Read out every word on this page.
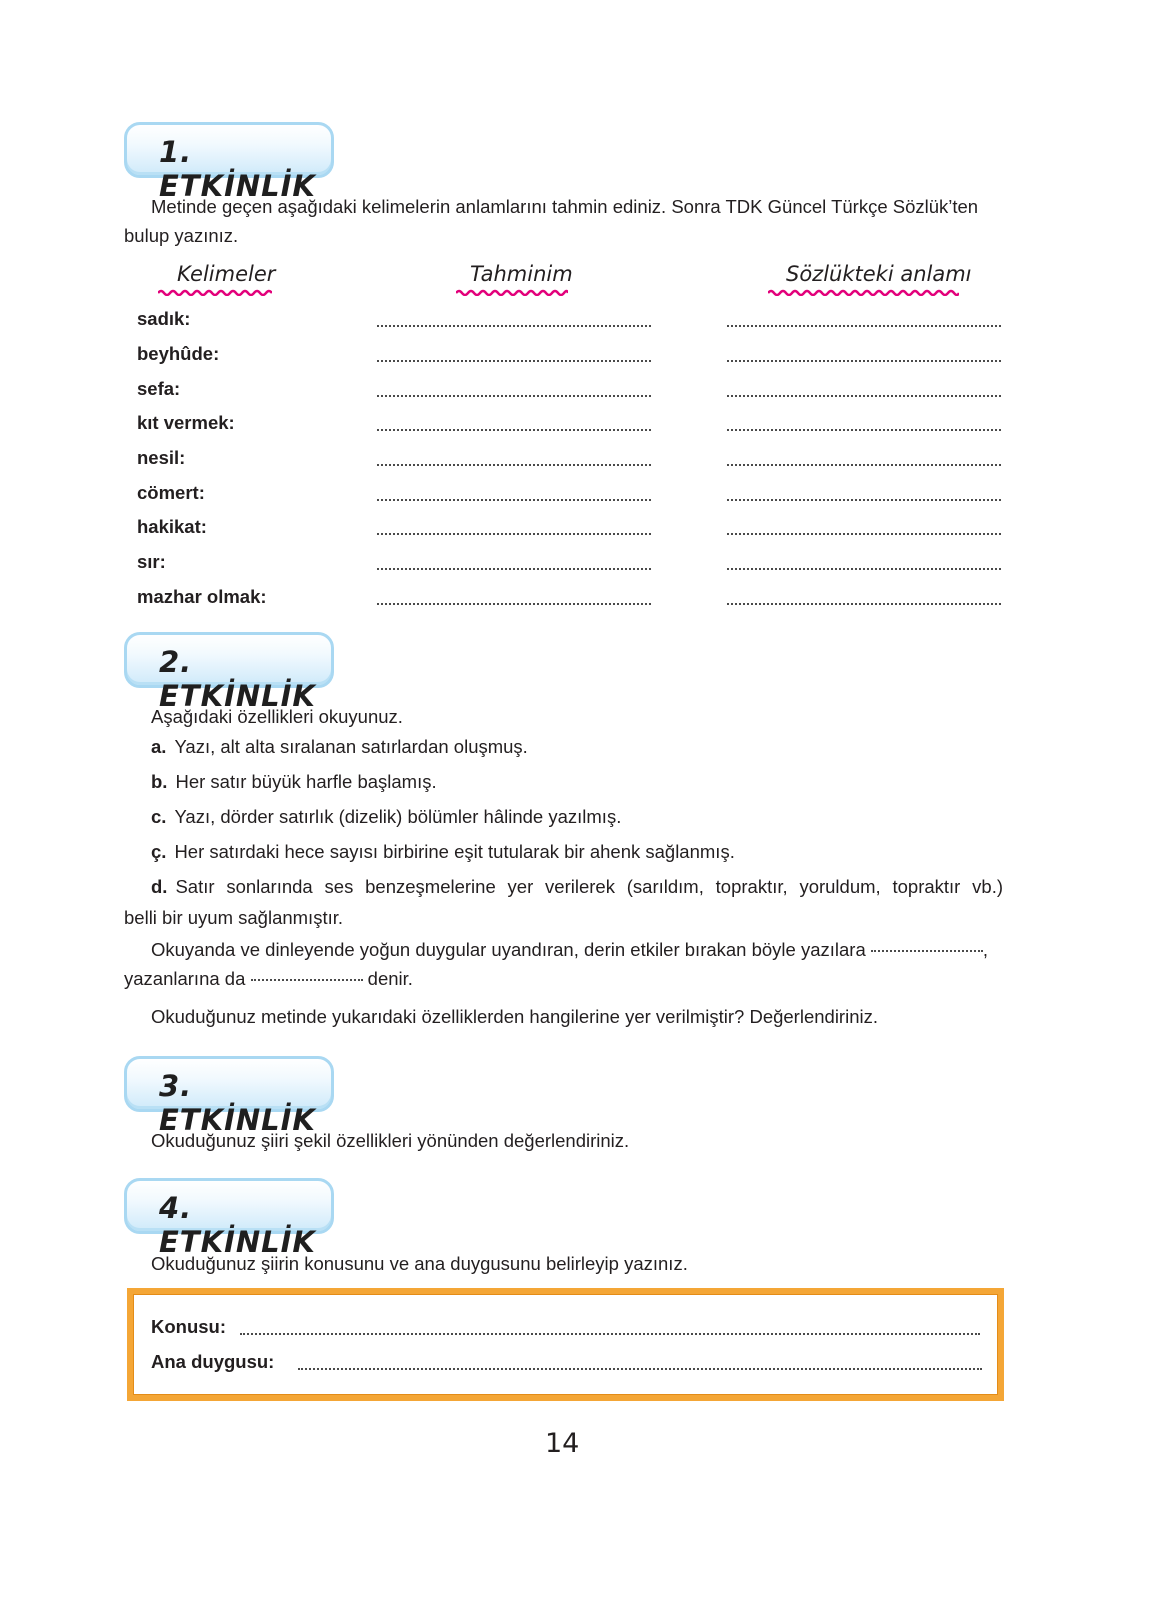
1. ETKİNLİK

Metinde geçen aşağıdaki kelimelerin anlamlarını tahmin ediniz. Sonra TDK Güncel Türkçe Sözlük’ten

bulup yazınız.

Kelimeler	Tahminim	Sözlükteki anlamı
sadık:
beyhûde:
sefa:
kıt vermek:
nesil:
cömert:
hakikat:
sır:
mazhar olmak:
2. ETKİNLİK

Aşağıdaki özellikleri okuyunuz.

a. Yazı, alt alta sıralanan satırlardan oluşmuş.
b. Her satır büyük harfle başlamış.
c. Yazı, dörder satırlık (dizelik) bölümler hâlinde yazılmış.
ç. Her satırdaki hece sayısı birbirine eşit tutularak bir ahenk sağlanmış.
d. Satır sonlarında ses benzeşmelerine yer verilerek (sarıldım, topraktır, yoruldum, topraktır vb.)

belli bir uyum sağlanmıştır.

Okuyanda ve dinleyende yoğun duygular uyandıran, derin etkiler bırakan böyle yazılara	,
yazanlarına da	denir.

Okuduğunuz metinde yukarıdaki özelliklerden hangilerine yer verilmiştir? Değerlendiriniz.

3. ETKİNLİK

Okuduğunuz şiiri şekil özellikleri yönünden değerlendiriniz.

4. ETKİNLİK

Okuduğunuz şiirin konusunu ve ana duygusunu belirleyip yazınız.

Konusu:
Ana duygusu:
14
